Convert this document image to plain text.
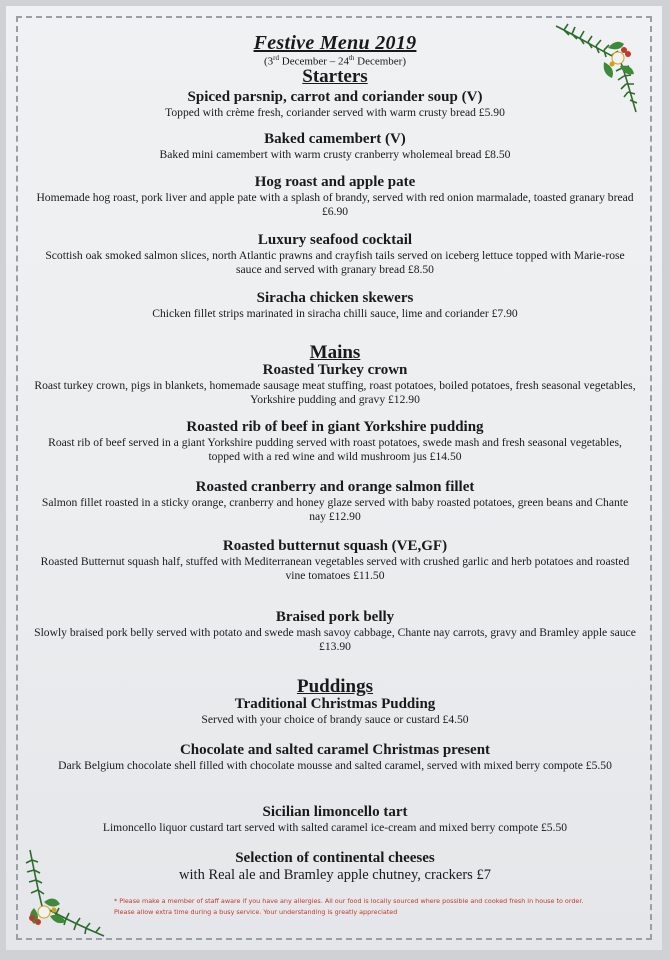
Festive Menu 2019
(3rd December – 24th December)
Starters
Spiced parsnip, carrot and coriander soup (V)
Topped with crème fresh, coriander served with warm crusty bread £5.90
Baked camembert (V)
Baked mini camembert with warm crusty cranberry wholemeal bread £8.50
Hog roast and apple pate
Homemade hog roast, pork liver and apple pate with a splash of brandy, served with red onion marmalade, toasted granary bread £6.90
Luxury seafood cocktail
Scottish oak smoked salmon slices, north Atlantic prawns and crayfish tails served on iceberg lettuce topped with Marie-rose sauce and served with granary bread £8.50
Siracha chicken skewers
Chicken fillet strips marinated in siracha chilli sauce, lime and coriander £7.90
Mains
Roasted Turkey crown
Roast turkey crown, pigs in blankets, homemade sausage meat stuffing, roast potatoes, boiled potatoes, fresh seasonal vegetables, Yorkshire pudding and gravy £12.90
Roasted rib of beef in giant Yorkshire pudding
Roast rib of beef served in a giant Yorkshire pudding served with roast potatoes, swede mash and fresh seasonal vegetables, topped with a red wine and wild mushroom jus £14.50
Roasted cranberry and orange salmon fillet
Salmon fillet roasted in a sticky orange, cranberry and honey glaze served with baby roasted potatoes, green beans and Chante nay £12.90
Roasted butternut squash (VE,GF)
Roasted Butternut squash half, stuffed with Mediterranean vegetables served with crushed garlic and herb potatoes and roasted vine tomatoes £11.50
Braised pork belly
Slowly braised pork belly served with potato and swede mash savoy cabbage, Chante nay carrots, gravy and Bramley apple sauce £13.90
Puddings
Traditional Christmas Pudding
Served with your choice of brandy sauce or custard £4.50
Chocolate and salted caramel Christmas present
Dark Belgium chocolate shell filled with chocolate mousse and salted caramel, served with mixed berry compote £5.50
Sicilian limoncello tart
Limoncello liquor custard tart served with salted caramel ice-cream and mixed berry compote £5.50
Selection of continental cheeses
with Real ale and Bramley apple chutney, crackers £7
* Please make a member of staff aware if you have any allergies. All our food is locally sourced where possible and cooked fresh in house to order.
Please allow extra time during a busy service. Your understanding is greatly appreciated
